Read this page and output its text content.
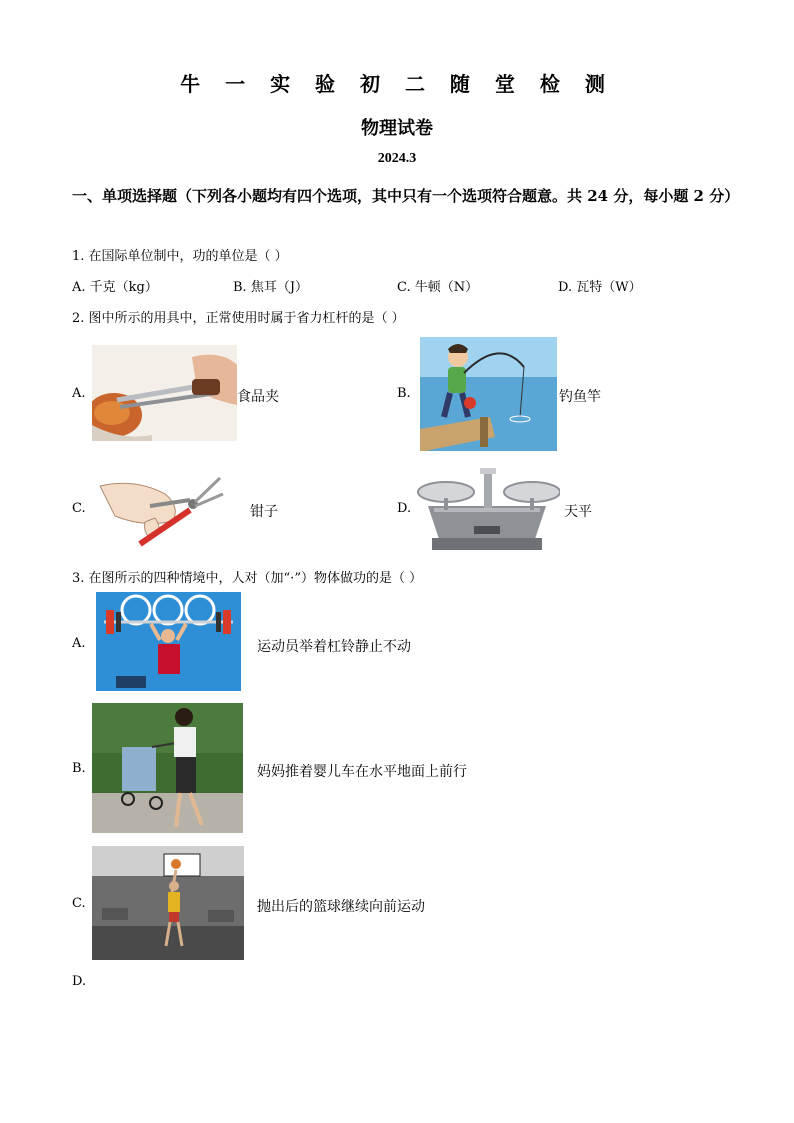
牛 一 实 验 初 二 随 堂 检 测
物理试卷
2024.3
一、单项选择题（下列各小题均有四个选项，其中只有一个选项符合题意。共 24 分，每小题 2 分）
1. 在国际单位制中，功的单位是（ ）
A. 千克（kg）	B. 焦耳（J）	C. 牛顿（N）	D. 瓦特（W）
2. 图中所示的用具中，正常使用时属于省力杠杆的是（ ）
A.	食品夹	B.	钓鱼竿
C.	钳子	D.	天平
3. 在图所示的四种情境中，人对（加“·”）物体做功的是（ ）
A.	运动员举着杠铃静止不动
B.	妈妈推着婴儿车在水平地面上前行
C.	抛出后的篮球继续向前运动
D.
